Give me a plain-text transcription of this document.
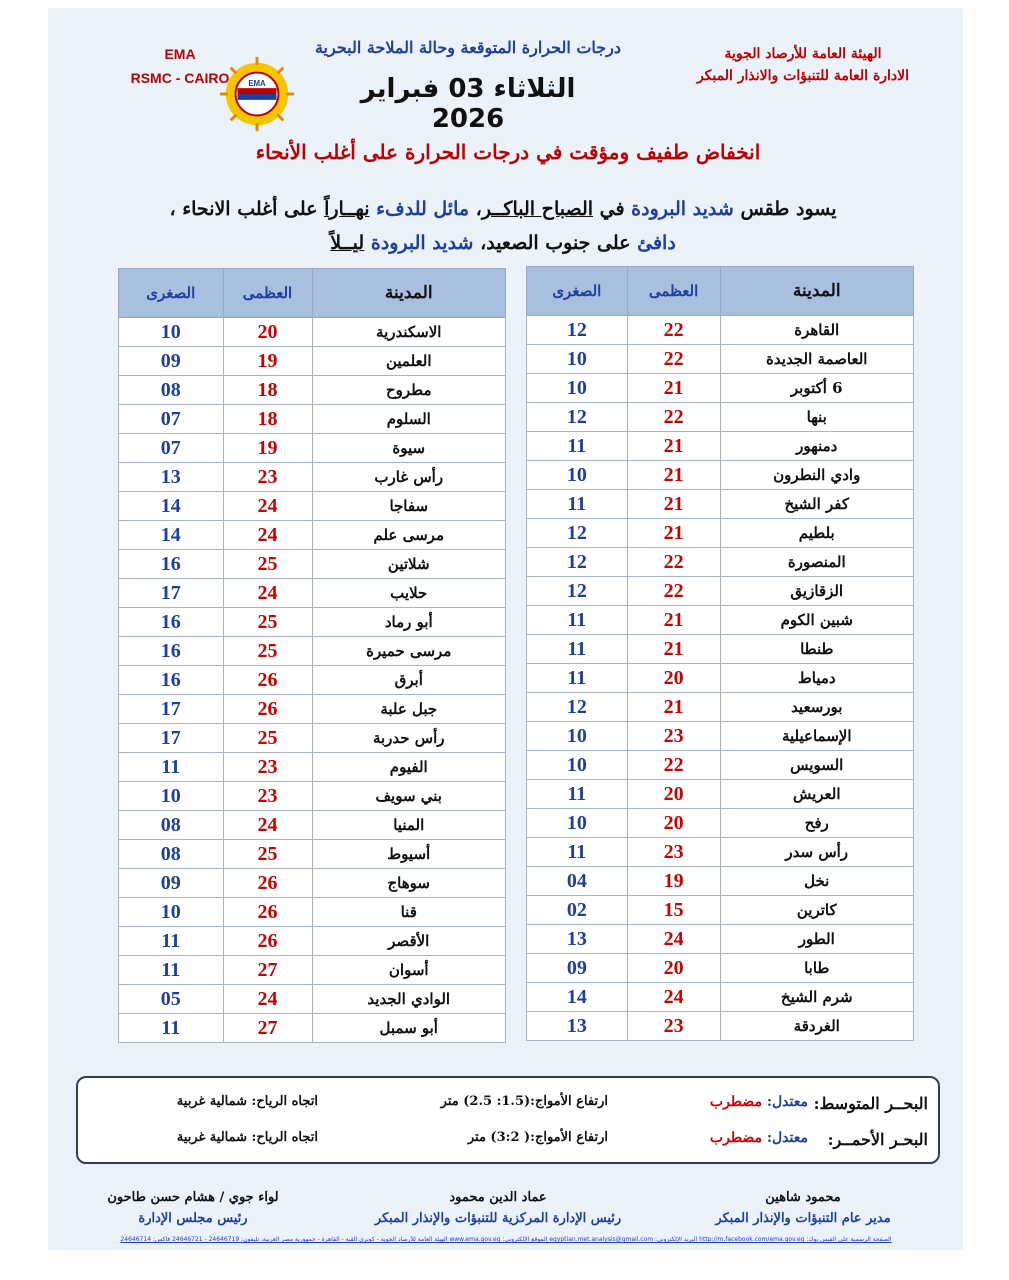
EMA
RSMC - CAIRO	EMA
درجات الحرارة المتوقعة وحالة الملاحة البحرية
الثلاثاء 03 فبراير 2026
الهيئة العامة للأرصاد الجوية
الادارة العامة للتنبؤات والانذار المبكر
انخفاض طفيف ومؤقت في درجات الحرارة على أغلب الأنحاء
يسود طقس شديد البرودة في الصباح الباكــر، مائل للدفء نهــاراً على أغلب الانحاء ،
دافئ على جنوب الصعيد، شديد البرودة ليــلاً
المدينة	العظمى	الصغرى
القاهرة	22	12
العاصمة الجديدة	22	10
6 أكتوبر	21	10
بنها	22	12
دمنهور	21	11
وادي النطرون	21	10
كفر الشيخ	21	11
بلطيم	21	12
المنصورة	22	12
الزقازيق	22	12
شبين الكوم	21	11
طنطا	21	11
دمياط	20	11
بورسعيد	21	12
الإسماعيلية	23	10
السويس	22	10
العريش	20	11
رفح	20	10
رأس سدر	23	11
نخل	19	04
كاترين	15	02
الطور	24	13
طابا	20	09
شرم الشيخ	24	14
الغردقة	23	13
المدينة	العظمى	الصغرى
الاسكندرية	20	10
العلمين	19	09
مطروح	18	08
السلوم	18	07
سيوة	19	07
رأس غارب	23	13
سفاجا	24	14
مرسى علم	24	14
شلاتين	25	16
حلايب	24	17
أبو رماد	25	16
مرسى حميرة	25	16
أبرق	26	16
جبل علبة	26	17
رأس حدربة	25	17
الفيوم	23	11
بني سويف	23	10
المنيا	24	08
أسيوط	25	08
سوهاج	26	09
قنا	26	10
الأقصر	26	11
أسوان	27	11
الوادي الجديد	24	05
أبو سمبل	27	11
البحــر المتوسط:
معتدل: مضطرب
ارتفاع الأمواج:(1.5: 2.5) متر
اتجاه الرياح: شمالية غربية
البحـر الأحمــر:
معتدل: مضطرب
ارتفاع الأمواج:( 3:2) متر
اتجاه الرياح: شمالية غربية
محمود شاهين
مدير عام التنبؤات والإنذار المبكر
عماد الدين محمود
رئيس الإدارة المركزية للتنبؤات والإنذار المبكر
لواء جوي / هشام حسن طاحون
رئيس مجلس الإدارة
الصفحة الرسمية على الفيس بوك: http://m.facebook.com/ema.gov.eg البريد الإلكتروني: egyptian.met.analysis@gmail.com الموقع الإلكتروني: www.ema.gov.eg الهيئة العامة للأرصاد الجوية - كوبري القبة - القاهرة - جمهورية مصر العربية، تليفون: 24646719 - 24646721 فاكس: 24646714
